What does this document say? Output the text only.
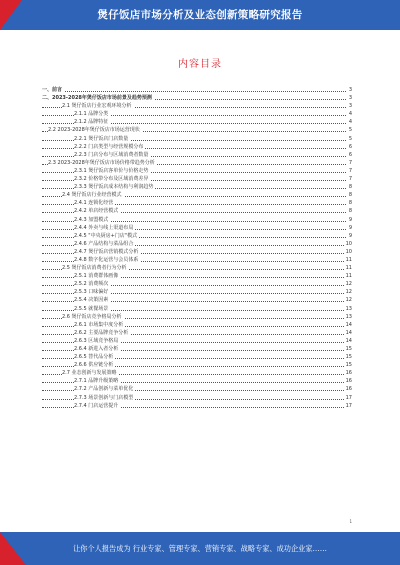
煲仔饭店市场分析及业态创新策略研究报告
内容目录
一、前言	3
二、2023-2028年煲仔饭店市场前景及趋势预测	3
2.1 煲仔饭店行业宏观环境分析	3
2.1.1 品牌分类	4
2.1.2 品牌特征	4
2.2 2023-2028年煲仔饭店市场运营现状	5
2.2.1 煲仔饭店门店数量	5
2.2.2 门店类型与经营规模分布	6
2.2.3 门店分布与区域消费者数量	6
2.3 2023-2028年煲仔饭店市场价格带趋势分析	7
2.3.1 煲仔饭店客单价与价格走势	7
2.3.2 价格带分布及区域消费差异	7
2.3.3 煲仔饭店成本结构与利润趋势	8
2.4 煲仔饭店行业经营模式	8
2.4.1 连锁化经营	8
2.4.2 单店经营模式	8
2.4.3 加盟模式	9
2.4.4 外卖与线上渠道布局	9
2.4.5 "中央厨房+门店"模式	9
2.4.6 产品结构与菜品组合	10
2.4.7 煲仔饭店营销模式分析	10
2.4.8 数字化运营与会员体系	11
2.5 煲仔饭店消费者行为分析	11
2.5.1 消费群体画像	11
2.5.2 消费频次	12
2.5.3 口味偏好	12
2.5.4 决策因素	12
2.5.5 就餐场景	13
2.6 煲仔饭店竞争格局分析	13
2.6.1 市场集中度分析	14
2.6.2 主要品牌竞争分析	14
2.6.3 区域竞争格局	14
2.6.4 新进入者分析	15
2.6.5 替代品分析	15
2.6.6 供应链分析	15
2.7 业态创新与发展策略	16
2.7.1 品牌升级策略	16
2.7.2 产品创新与菜单优化	16
2.7.3 场景创新与门店模型	17
2.7.4 门店运营提升	17
1
让你个人报告成为 行业专家、管理专家、营销专家、战略专家、成功企业家……
